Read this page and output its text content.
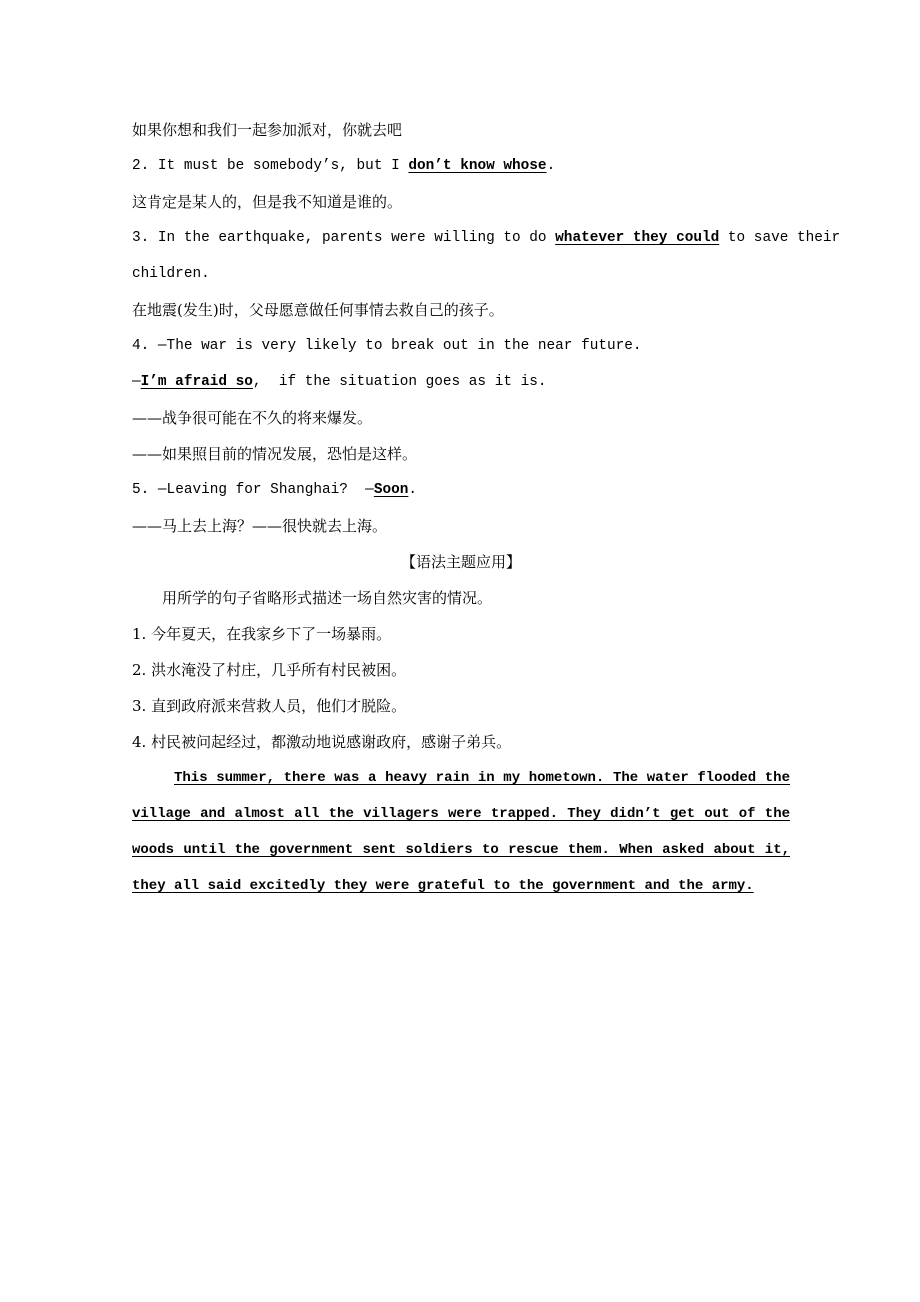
如果你想和我们一起参加派对，你就去吧
2. It must be somebody’s, but I don’t know whose.
这肯定是某人的，但是我不知道是谁的。
3. In the earthquake, parents were willing to do whatever they could to save their
children.
在地震(发生)时，父母愿意做任何事情去救自己的孩子。
4. —The war is very likely to break out in the near future.
—I’m afraid so,  if the situation goes as it is.
——战争很可能在不久的将来爆发。
——如果照目前的情况发展，恐怕是这样。
5. —Leaving for Shanghai?  —Soon.
——马上去上海？——很快就去上海。
【语法主题应用】
用所学的句子省略形式描述一场自然灾害的情况。
1. 今年夏天，在我家乡下了一场暴雨。
2. 洪水淹没了村庄，几乎所有村民被困。
3. 直到政府派来营救人员，他们才脱险。
4. 村民被问起经过，都激动地说感谢政府，感谢子弟兵。
This summer, there was a heavy rain in my hometown. The water flooded the village and almost all the villagers were trapped. They didn’t get out of the woods until the government sent soldiers to rescue them. When asked about it, they all said excitedly they were grateful to the government and the army.
